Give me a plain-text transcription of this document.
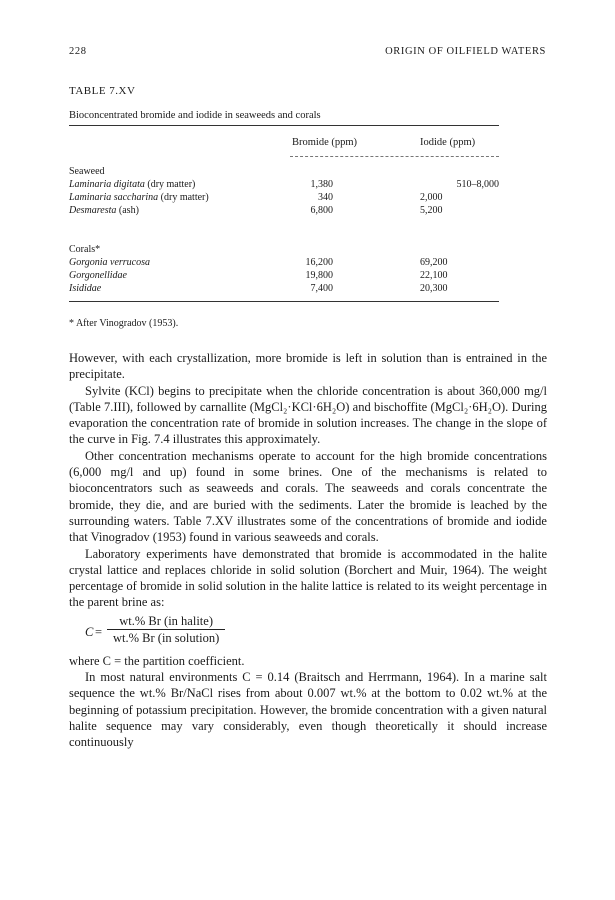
228	ORIGIN OF OILFIELD WATERS
TABLE 7.XV
Bioconcentrated bromide and iodide in seaweeds and corals
Bromide (ppm)	Iodide (ppm)
Seaweed
Laminaria digitata (dry matter)	1,380	510–8,000
Laminaria saccharina (dry matter)	340	2,000
Desmaresta (ash)	6,800	5,200
Corals*
Gorgonia verrucosa	16,200	69,200
Gorgonellidae	19,800	22,100
Isididae	7,400	20,300
* After Vinogradov (1953).

However, with each crystallization, more bromide is left in solution than is entrained in the precipitate.

Sylvite (KCl) begins to precipitate when the chloride concentration is about 360,000 mg/l (Table 7.III), followed by carnallite (MgCl₂·KCl·6H₂O) and bischoffite (MgCl₂·6H₂O). During evaporation the concentration rate of bromide in solution increases. The change in the slope of the curve in Fig. 7.4 illustrates this approximately.

Other concentration mechanisms operate to account for the high bromide concentrations (6,000 mg/l and up) found in some brines. One of the mechanisms is related to bioconcentrators such as seaweeds and corals. The seaweeds and corals concentrate the bromide, they die, and are buried with the sediments. Later the bromide is leached by the surrounding waters. Table 7.XV illustrates some of the concentrations of bromide and iodide that Vinogradov (1953) found in various seaweeds and corals.

Laboratory experiments have demonstrated that bromide is accommodated in the halite crystal lattice and replaces chloride in solid solution (Borchert and Muir, 1964). The weight percentage of bromide in solid solution in the halite lattice is related to its weight percentage in the parent brine as:

C =
wt.% Br (in halite)
wt.% Br (in solution)

where C = the partition coefficient.

In most natural environments C = 0.14 (Braitsch and Herrmann, 1964). In a marine salt sequence the wt.% Br/NaCl rises from about 0.007 wt.% at the bottom to 0.02 wt.% at the beginning of potassium precipitation. However, the bromide concentration with a given natural halite sequence may vary considerably, even though theoretically it should increase continuously
